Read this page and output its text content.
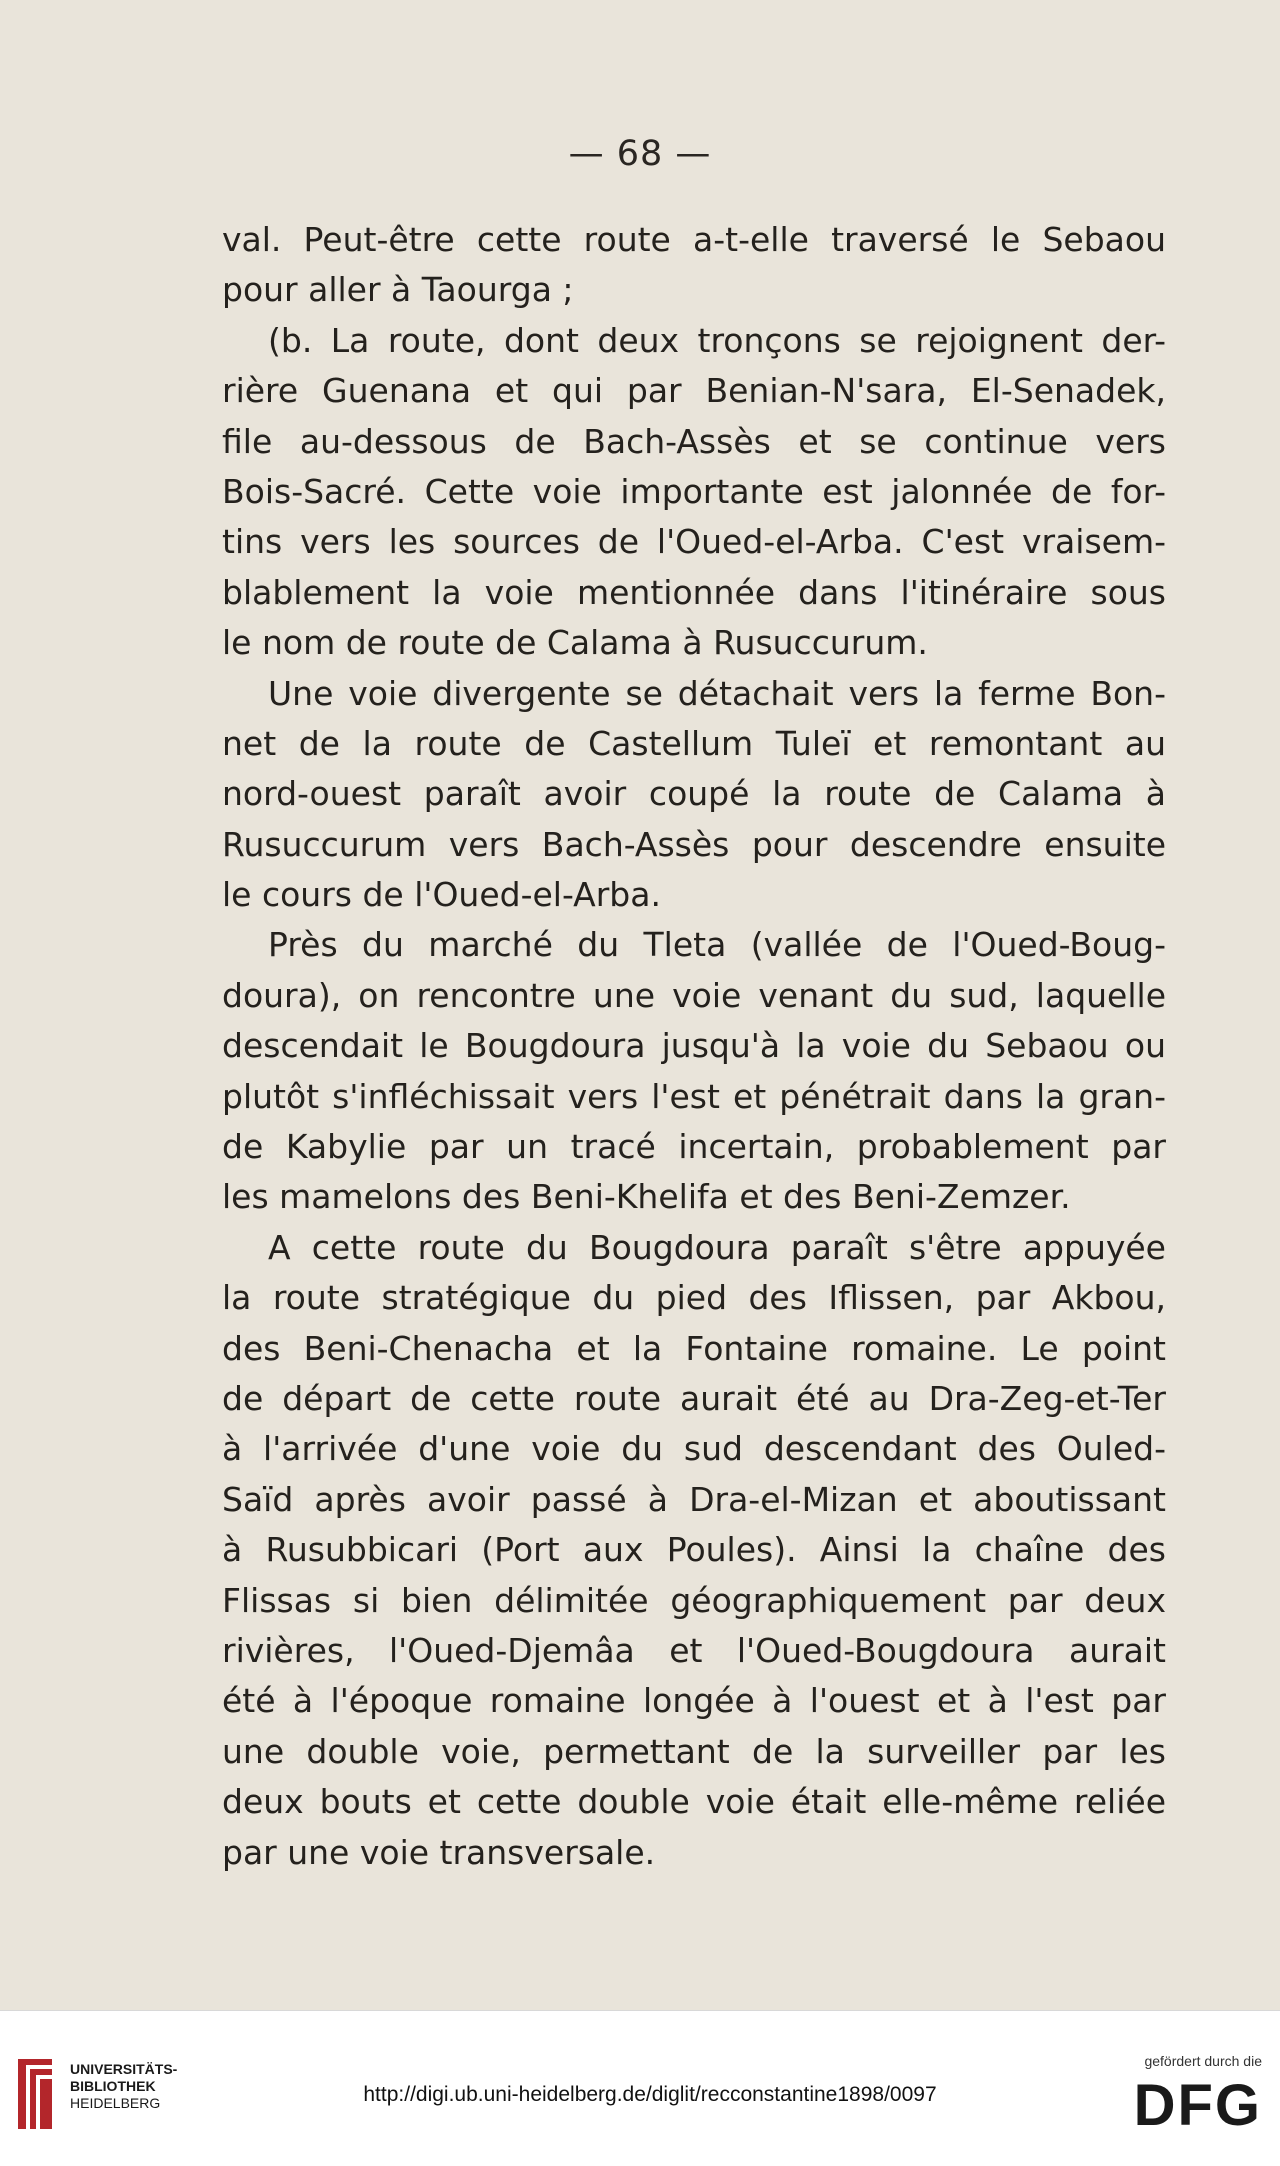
— 68 —
val. Peut-être cette route a-t-elle traversé le Sebaou
pour aller à Taourga ;
(b. La route, dont deux tronçons se rejoignent der-
rière Guenana et qui par Benian-N'sara, El-Senadek,
file au-dessous de Bach-Assès et se continue vers
Bois-Sacré. Cette voie importante est jalonnée de for-
tins vers les sources de l'Oued-el-Arba. C'est vraisem-
blablement la voie mentionnée dans l'itinéraire sous
le nom de route de Calama à Rusuccurum.
Une voie divergente se détachait vers la ferme Bon-
net de la route de Castellum Tuleï et remontant au
nord-ouest paraît avoir coupé la route de Calama à
Rusuccurum vers Bach-Assès pour descendre ensuite
le cours de l'Oued-el-Arba.
Près du marché du Tleta (vallée de l'Oued-Boug-
doura), on rencontre une voie venant du sud, laquelle
descendait le Bougdoura jusqu'à la voie du Sebaou ou
plutôt s'infléchissait vers l'est et pénétrait dans la gran-
de Kabylie par un tracé incertain, probablement par
les mamelons des Beni-Khelifa et des Beni-Zemzer.
A cette route du Bougdoura paraît s'être appuyée
la route stratégique du pied des Iflissen, par Akbou,
des Beni-Chenacha et la Fontaine romaine. Le point
de départ de cette route aurait été au Dra-Zeg-et-Ter
à l'arrivée d'une voie du sud descendant des Ouled-
Saïd après avoir passé à Dra-el-Mizan et aboutissant
à Rusubbicari (Port aux Poules). Ainsi la chaîne des
Flissas si bien délimitée géographiquement par deux
rivières, l'Oued-Djemâa et l'Oued-Bougdoura aurait
été à l'époque romaine longée à l'ouest et à l'est par
une double voie, permettant de la surveiller par les
deux bouts et cette double voie était elle-même reliée
par une voie transversale.
UNIVERSITÄTS-
BIBLIOTHEK
HEIDELBERG	http://digi.ub.uni-heidelberg.de/diglit/recconstantine1898/0097
gefördert durch die
DFG
